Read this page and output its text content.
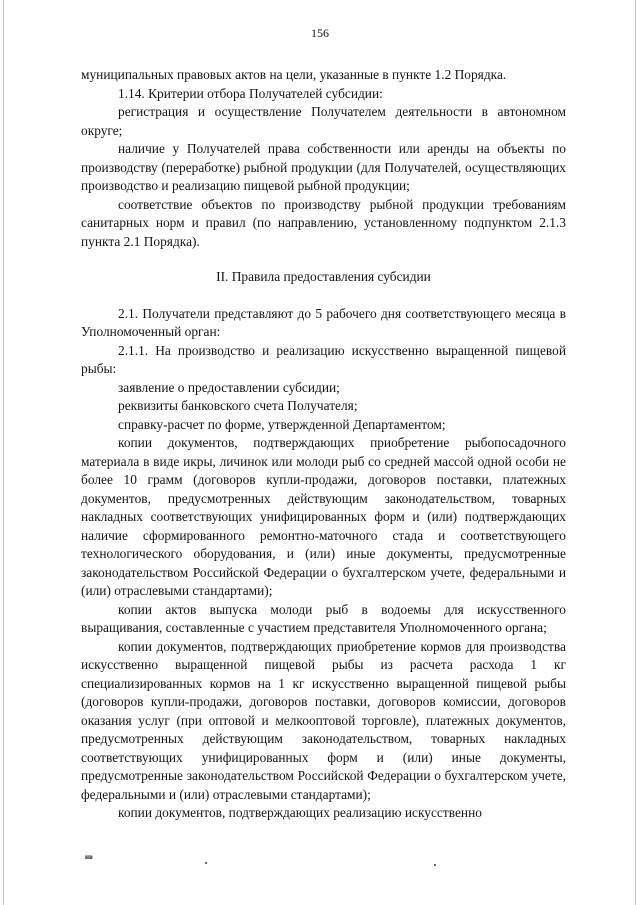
156

муниципальных правовых актов на цели, указанные в пункте 1.2 Порядка.

1.14. Критерии отбора Получателей субсидии:

регистрация и осуществление Получателем деятельности в автономном округе;

наличие у Получателей права собственности или аренды на объекты по производству (переработке) рыбной продукции (для Получателей, осуществляющих производство и реализацию пищевой рыбной продукции;

соответствие объектов по производству рыбной продукции требованиям санитарных норм и правил (по направлению, установленному подпунктом 2.1.3 пункта 2.1 Порядка).

II. Правила предоставления субсидии

2.1. Получатели представляют до 5 рабочего дня соответствующего месяца в Уполномоченный орган:

2.1.1. На производство и реализацию искусственно выращенной пищевой рыбы:

заявление о предоставлении субсидии;

реквизиты банковского счета Получателя;

справку-расчет по форме, утвержденной Департаментом;

копии документов, подтверждающих приобретение рыбопосадочного материала в виде икры, личинок или молоди рыб со средней массой одной особи не более 10 грамм (договоров купли-продажи, договоров поставки, платежных документов, предусмотренных действующим законодательством, товарных накладных соответствующих унифицированных форм и (или) подтверждающих наличие сформированного ремонтно-маточного стада и соответствующего технологического оборудования, и (или) иные документы, предусмотренные законодательством Российской Федерации о бухгалтерском учете, федеральными и (или) отраслевыми стандартами);

копии актов выпуска молоди рыб в водоемы для искусственного выращивания, составленные с участием представителя Уполномоченного органа;

копии документов, подтверждающих приобретение кормов для производства искусственно выращенной пищевой рыбы из расчета расхода 1 кг специализированных кормов на 1 кг искусственно выращенной пищевой рыбы (договоров купли-продажи, договоров поставки, договоров комиссии, договоров оказания услуг (при оптовой и мелкооптовой торговле), платежных документов, предусмотренных действующим законодательством, товарных накладных соответствующих унифицированных форм и (или) иные документы, предусмотренные законодательством Российской Федерации о бухгалтерском учете, федеральными и (или) отраслевыми стандартами);

копии документов, подтверждающих реализацию искусственно

нв
